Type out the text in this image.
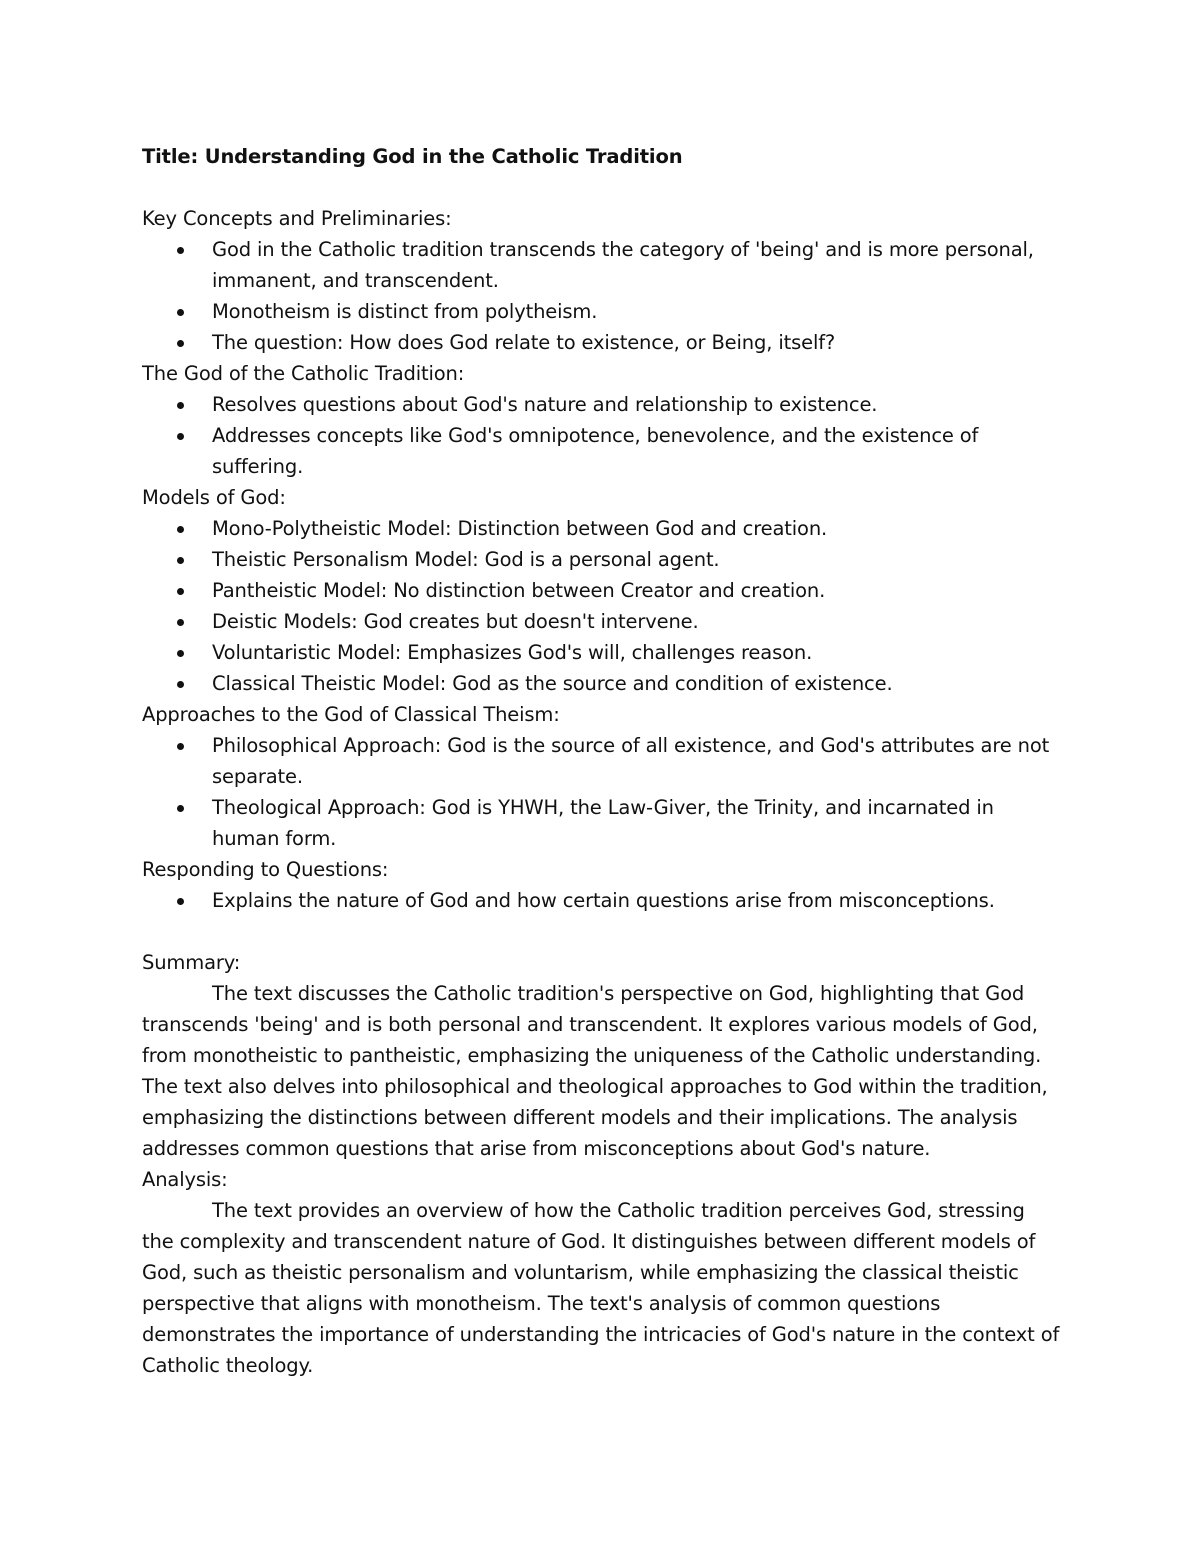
Title: Understanding God in the Catholic Tradition

Key Concepts and Preliminaries:

God in the Catholic tradition transcends the category of 'being' and is more personal, immanent, and transcendent.
Monotheism is distinct from polytheism.
The question: How does God relate to existence, or Being, itself?

The God of the Catholic Tradition:

Resolves questions about God's nature and relationship to existence.
Addresses concepts like God's omnipotence, benevolence, and the existence of suffering.

Models of God:

Mono-Polytheistic Model: Distinction between God and creation.
Theistic Personalism Model: God is a personal agent.
Pantheistic Model: No distinction between Creator and creation.
Deistic Models: God creates but doesn't intervene.
Voluntaristic Model: Emphasizes God's will, challenges reason.
Classical Theistic Model: God as the source and condition of existence.

Approaches to the God of Classical Theism:

Philosophical Approach: God is the source of all existence, and God's attributes are not separate.
Theological Approach: God is YHWH, the Law-Giver, the Trinity, and incarnated in human form.

Responding to Questions:

Explains the nature of God and how certain questions arise from misconceptions.

Summary:

The text discusses the Catholic tradition's perspective on God, highlighting that God transcends 'being' and is both personal and transcendent. It explores various models of God, from monotheistic to pantheistic, emphasizing the uniqueness of the Catholic understanding. The text also delves into philosophical and theological approaches to God within the tradition, emphasizing the distinctions between different models and their implications. The analysis addresses common questions that arise from misconceptions about God's nature.

Analysis:

The text provides an overview of how the Catholic tradition perceives God, stressing the complexity and transcendent nature of God. It distinguishes between different models of God, such as theistic personalism and voluntarism, while emphasizing the classical theistic perspective that aligns with monotheism. The text's analysis of common questions demonstrates the importance of understanding the intricacies of God's nature in the context of Catholic theology.
